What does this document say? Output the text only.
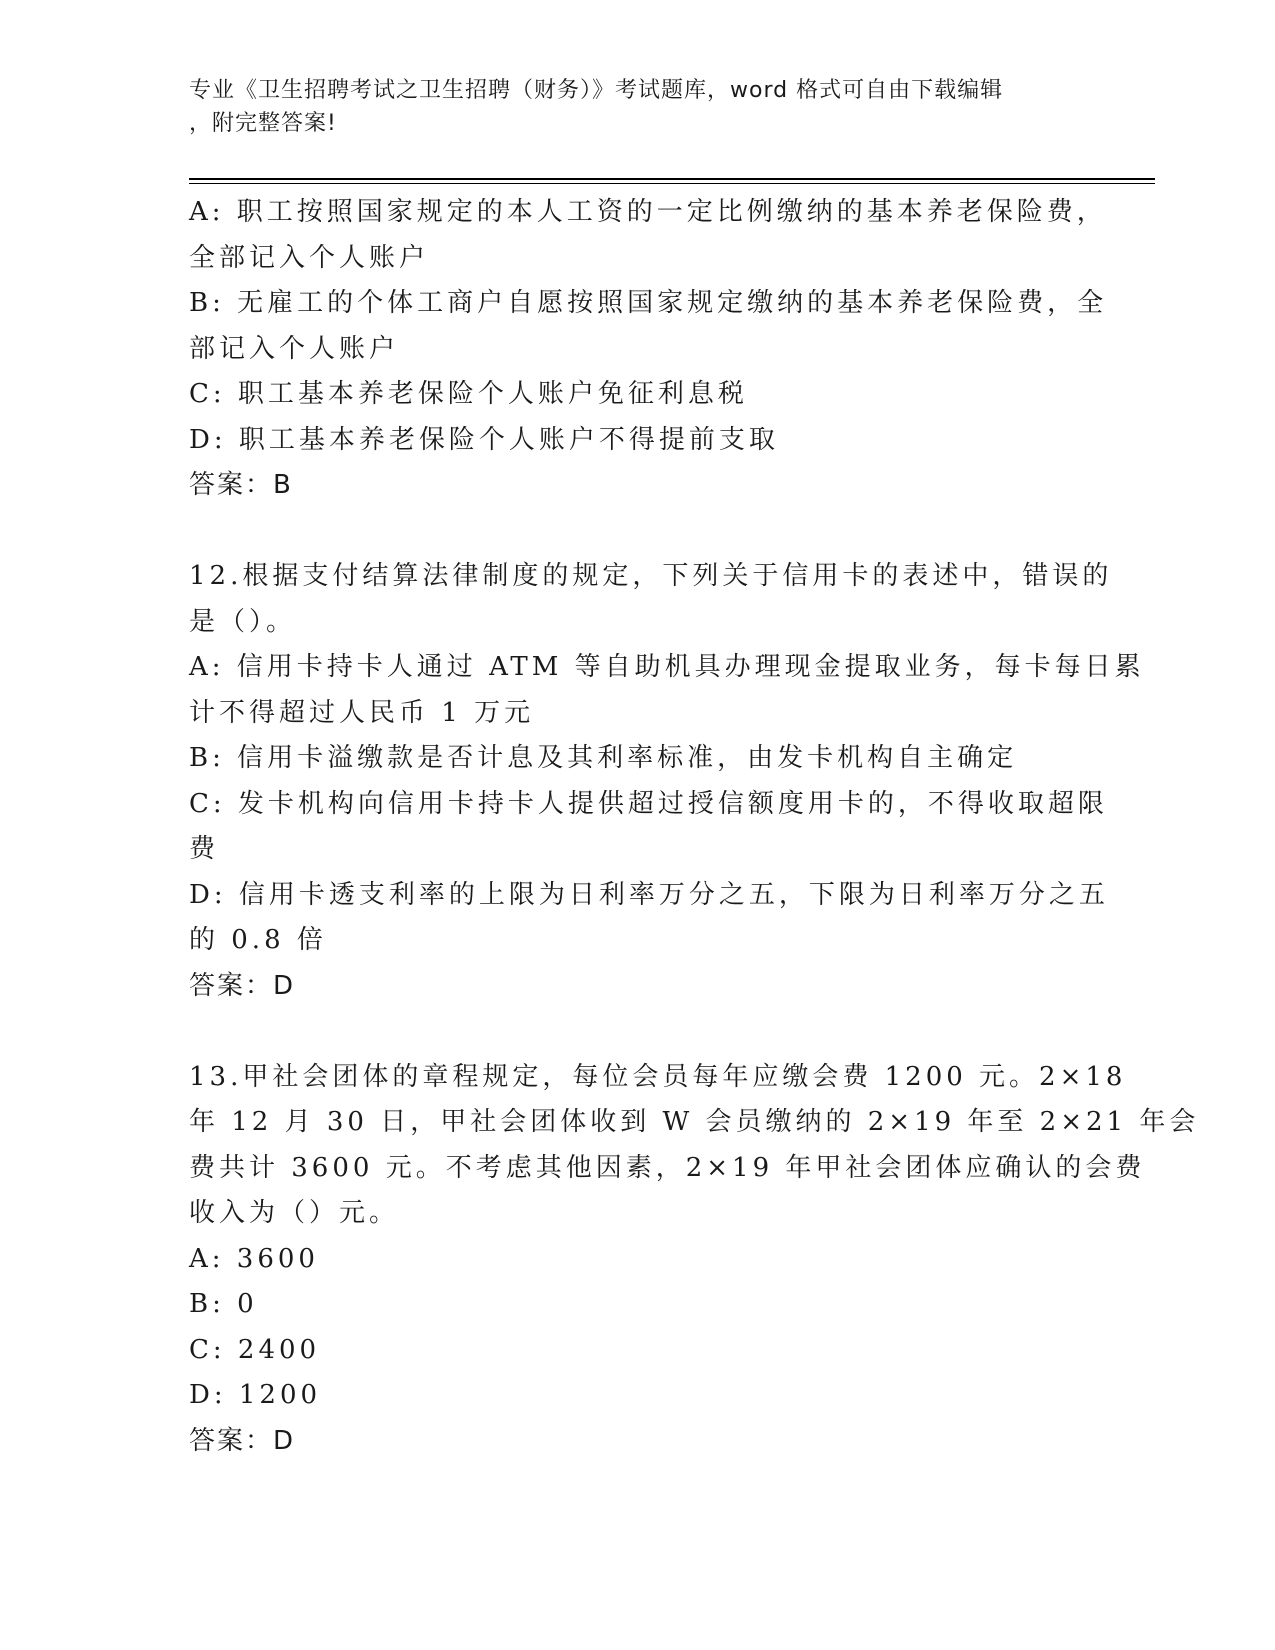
专业《卫生招聘考试之卫生招聘（财务）》考试题库，word 格式可自由下载编辑
，附完整答案!
A: 职工按照国家规定的本人工资的一定比例缴纳的基本养老保险费，
全部记入个人账户
B: 无雇工的个体工商户自愿按照国家规定缴纳的基本养老保险费，全
部记入个人账户
C: 职工基本养老保险个人账户免征利息税
D: 职工基本养老保险个人账户不得提前支取
答案：B
12.根据支付结算法律制度的规定，下列关于信用卡的表述中，错误的
是（）。
A: 信用卡持卡人通过 ATM 等自助机具办理现金提取业务，每卡每日累
计不得超过人民币 1 万元
B: 信用卡溢缴款是否计息及其利率标准，由发卡机构自主确定
C: 发卡机构向信用卡持卡人提供超过授信额度用卡的，不得收取超限
费
D: 信用卡透支利率的上限为日利率万分之五，下限为日利率万分之五
的 0.8 倍
答案：D
13.甲社会团体的章程规定，每位会员每年应缴会费 1200 元。2×18
年 12 月 30 日，甲社会团体收到 W 会员缴纳的 2×19 年至 2×21 年会
费共计 3600 元。不考虑其他因素，2×19 年甲社会团体应确认的会费
收入为（）元。
A: 3600
B: 0
C: 2400
D: 1200
答案：D
